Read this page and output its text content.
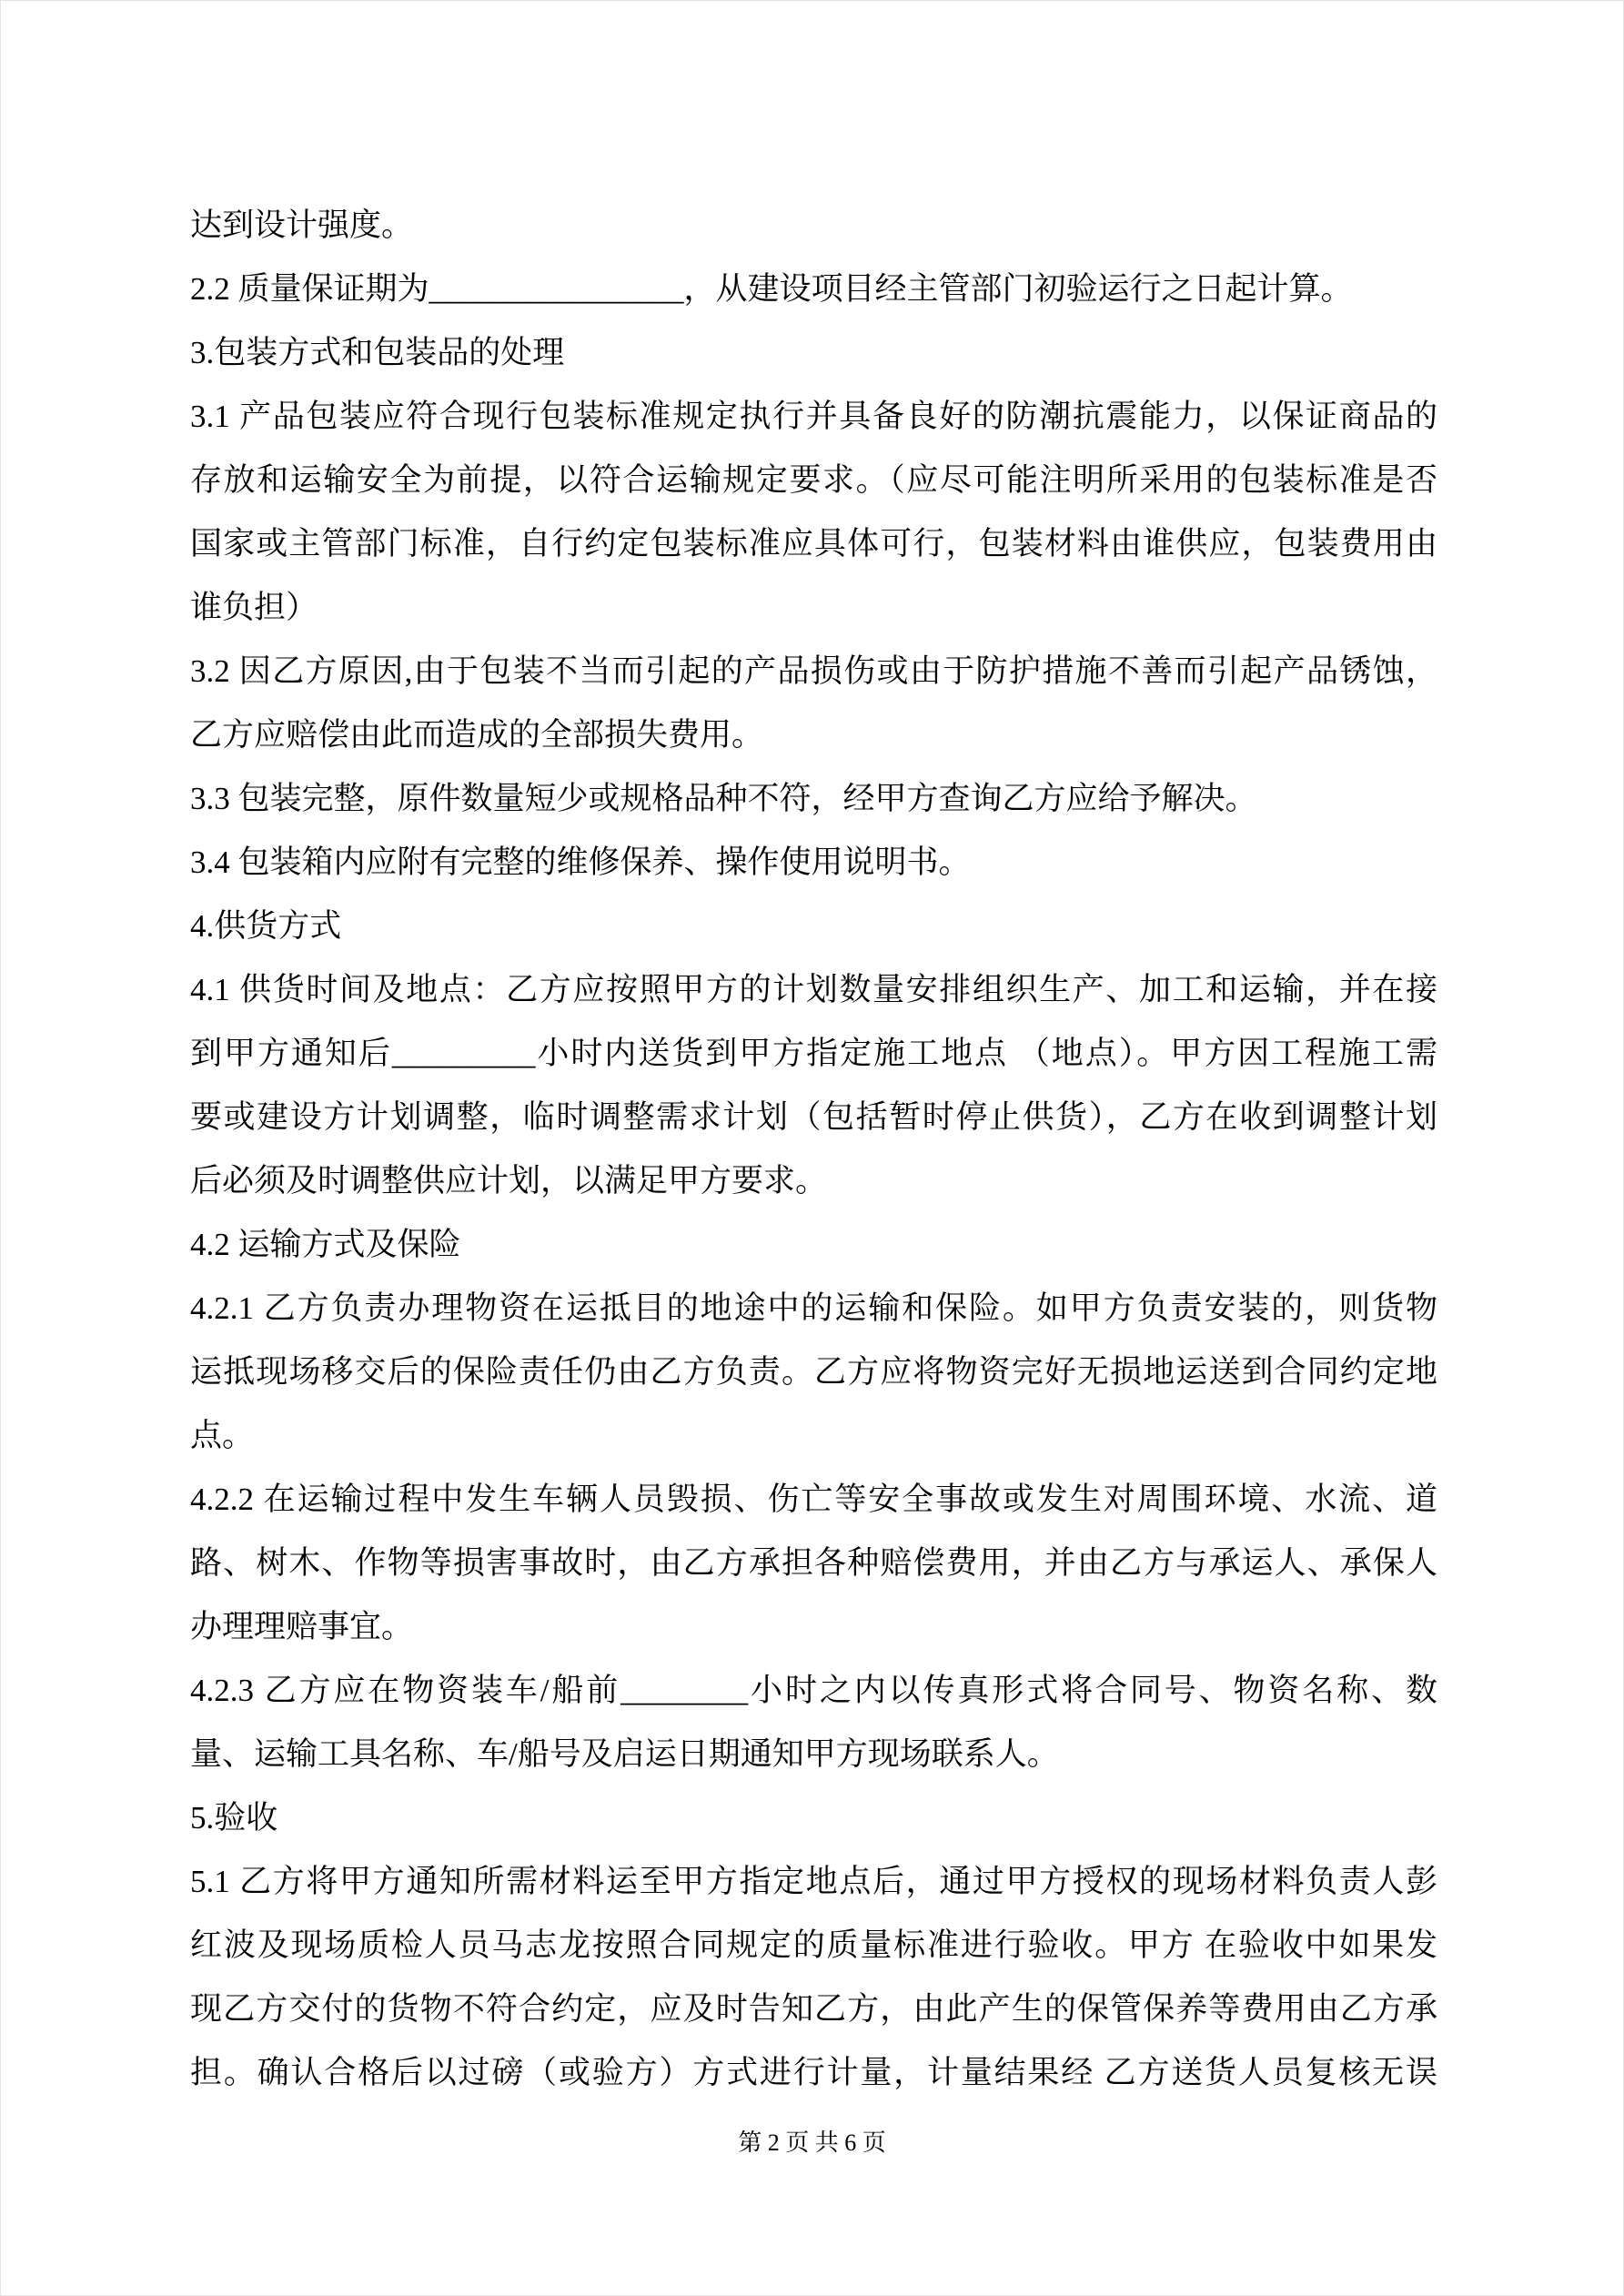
达到设计强度。
2.2 质量保证期为________________，从建设项目经主管部门初验运行之日起计算。
3.包装方式和包装品的处理
3.1 产品包装应符合现行包装标准规定执行并具备良好的防潮抗震能力，以保证商品的
存放和运输安全为前提，以符合运输规定要求。（应尽可能注明所采用的包装标准是否
国家或主管部门标准，自行约定包装标准应具体可行，包装材料由谁供应，包装费用由
谁负担）
3.2 因乙方原因,由于包装不当而引起的产品损伤或由于防护措施不善而引起产品锈蚀，
乙方应赔偿由此而造成的全部损失费用。
3.3 包装完整，原件数量短少或规格品种不符，经甲方查询乙方应给予解决。
3.4 包装箱内应附有完整的维修保养、操作使用说明书。
4.供货方式
4.1 供货时间及地点：乙方应按照甲方的计划数量安排组织生产、加工和运输，并在接
到甲方通知后_________小时内送货到甲方指定施工地点 （地点）。甲方因工程施工需
要或建设方计划调整，临时调整需求计划（包括暂时停止供货），乙方在收到调整计划
后必须及时调整供应计划，以满足甲方要求。
4.2 运输方式及保险
4.2.1 乙方负责办理物资在运抵目的地途中的运输和保险。如甲方负责安装的，则货物
运抵现场移交后的保险责任仍由乙方负责。乙方应将物资完好无损地运送到合同约定地
点。
4.2.2 在运输过程中发生车辆人员毁损、伤亡等安全事故或发生对周围环境、水流、道
路、树木、作物等损害事故时，由乙方承担各种赔偿费用，并由乙方与承运人、承保人
办理理赔事宜。
4.2.3 乙方应在物资装车/船前________小时之内以传真形式将合同号、物资名称、数
量、运输工具名称、车/船号及启运日期通知甲方现场联系人。
5.验收
5.1 乙方将甲方通知所需材料运至甲方指定地点后，通过甲方授权的现场材料负责人彭
红波及现场质检人员马志龙按照合同规定的质量标准进行验收。甲方 在验收中如果发
现乙方交付的货物不符合约定，应及时告知乙方，由此产生的保管保养等费用由乙方承
担。确认合格后以过磅（或验方）方式进行计量，计量结果经 乙方送货人员复核无误
第 2 页 共 6 页
